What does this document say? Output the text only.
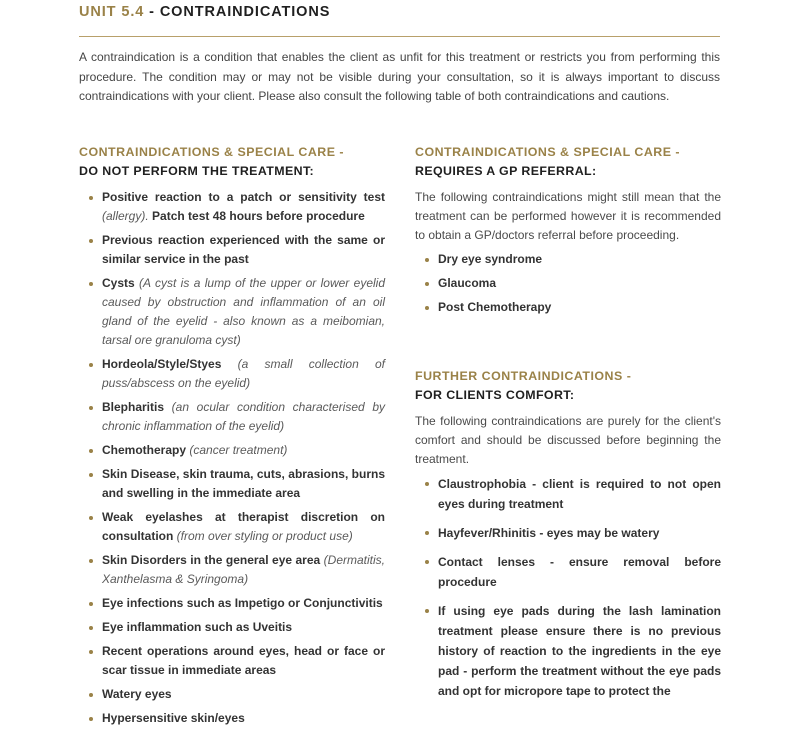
UNIT 5.4 - CONTRAINDICATIONS

A contraindication is a condition that enables the client as unfit for this treatment or restricts you from performing this procedure. The condition may or may not be visible during your consultation, so it is always important to discuss contraindications with your client. Please also consult the following table of both contraindications and cautions.

CONTRAINDICATIONS & SPECIAL CARE -

DO NOT PERFORM THE TREATMENT:

Positive reaction to a patch or sensitivity test (allergy). Patch test 48 hours before procedure
Previous reaction experienced with the same or similar service in the past
Cysts (A cyst is a lump of the upper or lower eyelid caused by obstruction and inflammation of an oil gland of the eyelid - also known as a meibomian, tarsal ore granuloma cyst)
Hordeola/Style/Styes (a small collection of puss/abscess on the eyelid)
Blepharitis (an ocular condition characterised by chronic inflammation of the eyelid)
Chemotherapy (cancer treatment)
Skin Disease, skin trauma, cuts, abrasions, burns and swelling in the immediate area
Weak eyelashes at therapist discretion on consultation (from over styling or product use)
Skin Disorders in the general eye area (Dermatitis, Xanthelasma & Syringoma)
Eye infections such as Impetigo or Conjunctivitis
Eye inflammation such as Uveitis
Recent operations around eyes, head or face or scar tissue in immediate areas
Watery eyes
Hypersensitive skin/eyes

CONTRAINDICATIONS & SPECIAL CARE -

REQUIRES A GP REFERRAL:

The following contraindications might still mean that the treatment can be performed however it is recommended to obtain a GP/doctors referral before proceeding.

Dry eye syndrome
Glaucoma
Post Chemotherapy

FURTHER CONTRAINDICATIONS -

FOR CLIENTS COMFORT:

The following contraindications are purely for the client's comfort and should be discussed before beginning the treatment.

Claustrophobia - client is required to not open eyes during treatment
Hayfever/Rhinitis - eyes may be watery
Contact lenses - ensure removal before procedure
If using eye pads during the lash lamination treatment please ensure there is no previous history of reaction to the ingredients in the eye pad - perform the treatment without the eye pads and opt for micropore tape to protect the
